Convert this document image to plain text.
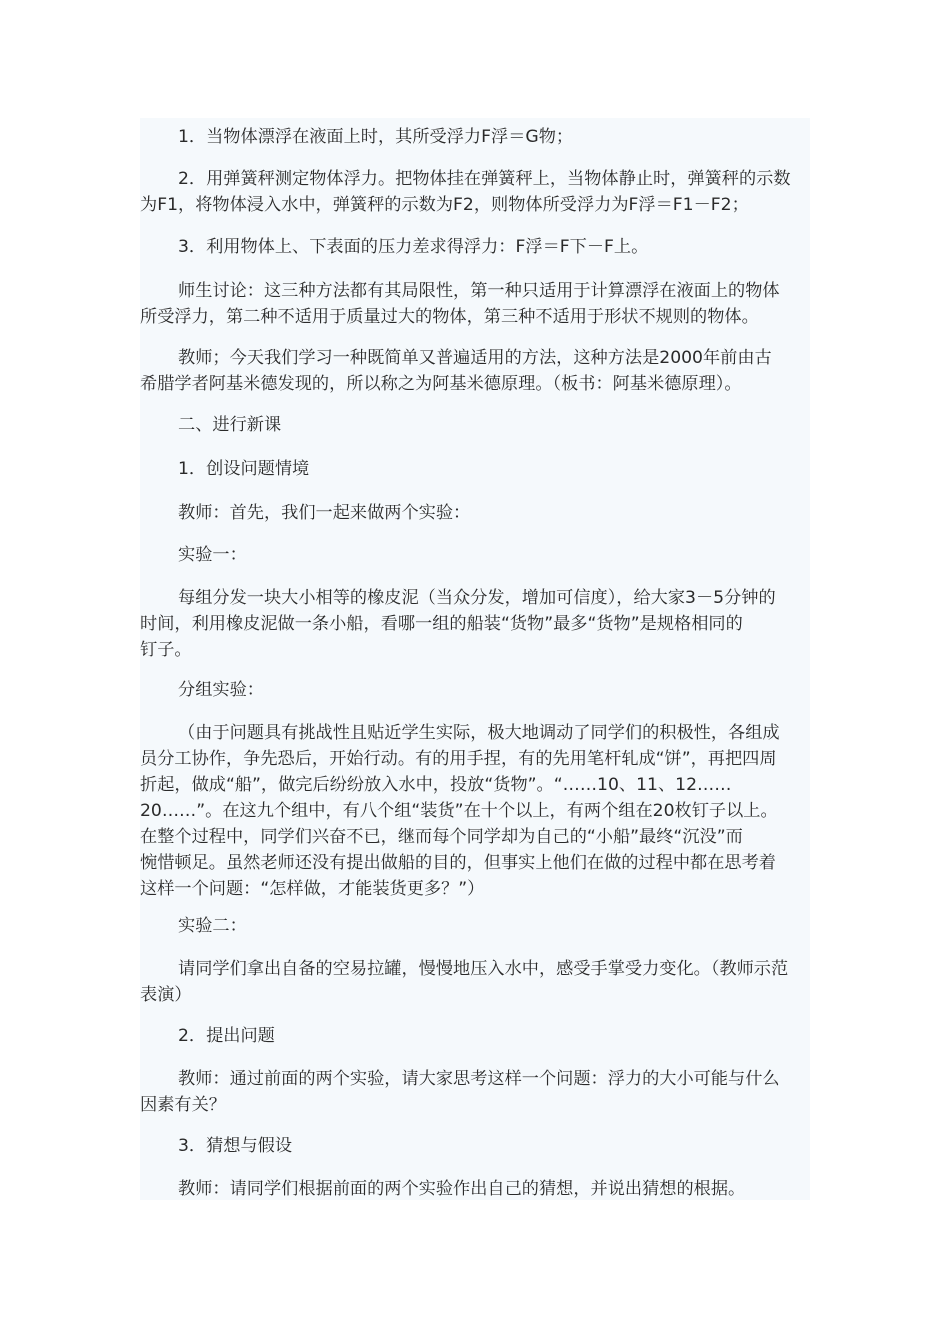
1．当物体漂浮在液面上时，其所受浮力F浮＝G物；
2．用弹簧秤测定物体浮力。把物体挂在弹簧秤上，当物体静止时，弹簧秤的示数
为F1，将物体浸入水中，弹簧秤的示数为F2，则物体所受浮力为F浮＝F1－F2；
3．利用物体上、下表面的压力差求得浮力：F浮＝F下－F上。
师生讨论：这三种方法都有其局限性，第一种只适用于计算漂浮在液面上的物体
所受浮力，第二种不适用于质量过大的物体，第三种不适用于形状不规则的物体。
教师；今天我们学习一种既简单又普遍适用的方法，这种方法是2000年前由古
希腊学者阿基米德发现的，所以称之为阿基米德原理。（板书：阿基米德原理）。
二、进行新课
1．创设问题情境
教师：首先，我们一起来做两个实验：
实验一：
每组分发一块大小相等的橡皮泥（当众分发，增加可信度），给大家3－5分钟的
时间，利用橡皮泥做一条小船，看哪一组的船装“货物”最多“货物”是规格相同的
钉子。
分组实验：
（由于问题具有挑战性且贴近学生实际，极大地调动了同学们的积极性，各组成
员分工协作，争先恐后，开始行动。有的用手捏，有的先用笔杆轧成“饼”，再把四周
折起，做成“船”，做完后纷纷放入水中，投放“货物”。“……10、11、12……
20……”。在这九个组中，有八个组“装货”在十个以上，有两个组在20枚钉子以上。
在整个过程中，同学们兴奋不已，继而每个同学却为自己的“小船”最终“沉没”而
惋惜顿足。虽然老师还没有提出做船的目的，但事实上他们在做的过程中都在思考着
这样一个问题：“怎样做，才能装货更多？”）
实验二：
请同学们拿出自备的空易拉罐，慢慢地压入水中，感受手掌受力变化。（教师示范
表演）
2．提出问题
教师：通过前面的两个实验，请大家思考这样一个问题：浮力的大小可能与什么
因素有关？
3．猜想与假设
教师：请同学们根据前面的两个实验作出自己的猜想，并说出猜想的根据。
